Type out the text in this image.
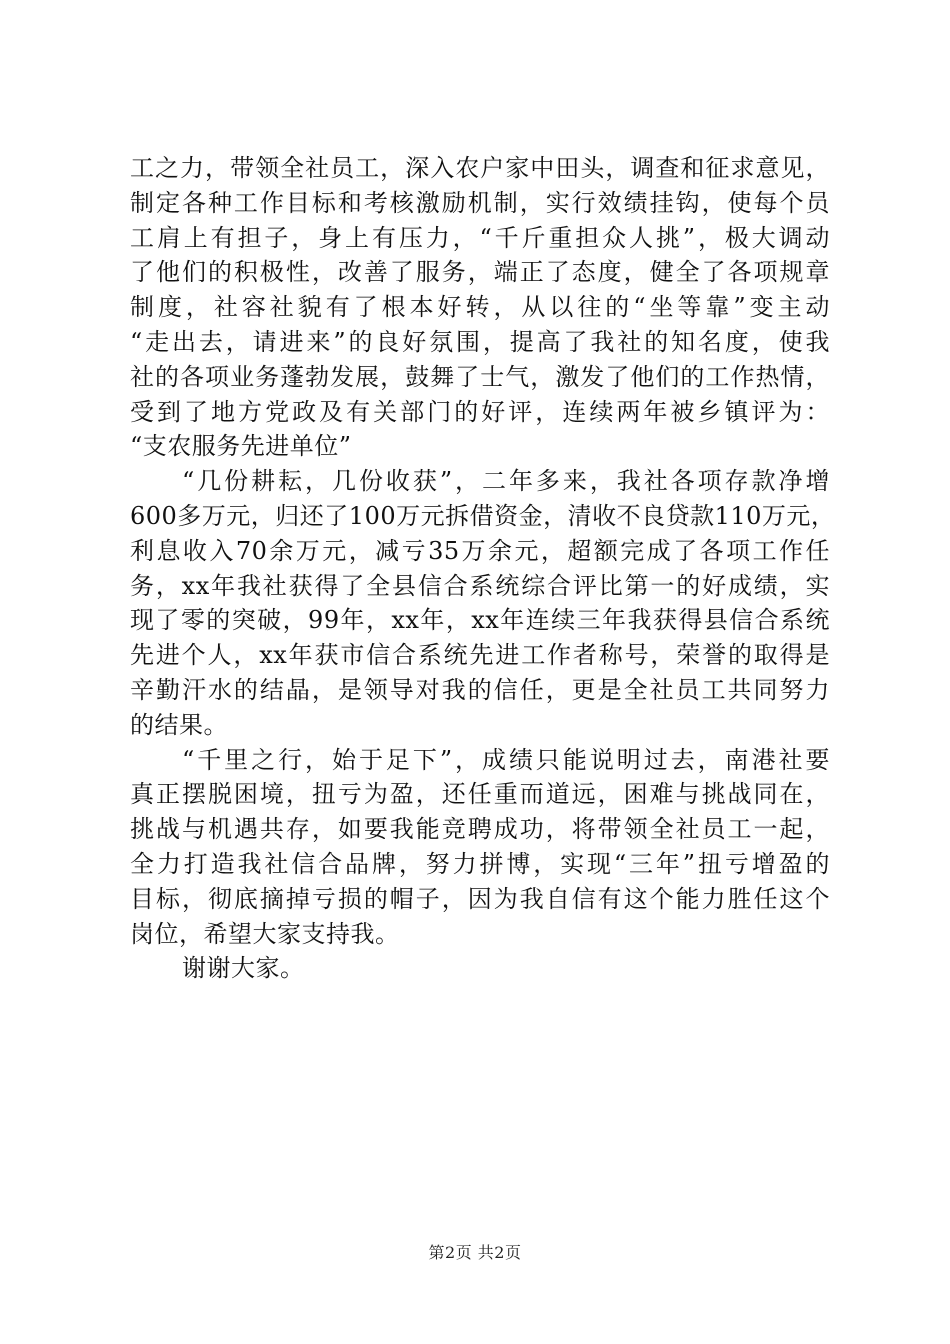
工之力，带领全社员工，深入农户家中田头，调查和征求意见，
制定各种工作目标和考核激励机制，实行效绩挂钩，使每个员
工肩上有担子，身上有压力，“千斤重担众人挑”，极大调动
了他们的积极性，改善了服务，端正了态度，健全了各项规章
制度，社容社貌有了根本好转，从以往的“坐等靠”变主动
“走出去，请进来”的良好氛围，提高了我社的知名度，使我
社的各项业务蓬勃发展，鼓舞了士气，激发了他们的工作热情，
受到了地方党政及有关部门的好评，连续两年被乡镇评为：
“支农服务先进单位”
“几份耕耘，几份收获”，二年多来，我社各项存款净增
600多万元，归还了100万元拆借资金，清收不良贷款110万元，
利息收入70余万元，减亏35万余元，超额完成了各项工作任
务，xx年我社获得了全县信合系统综合评比第一的好成绩，实
现了零的突破，99年，xx年，xx年连续三年我获得县信合系统
先进个人，xx年获市信合系统先进工作者称号，荣誉的取得是
辛勤汗水的结晶，是领导对我的信任，更是全社员工共同努力
的结果。
“千里之行，始于足下”，成绩只能说明过去，南港社要
真正摆脱困境，扭亏为盈，还任重而道远，困难与挑战同在，
挑战与机遇共存，如要我能竞聘成功，将带领全社员工一起，
全力打造我社信合品牌，努力拼博，实现“三年”扭亏增盈的
目标，彻底摘掉亏损的帽子，因为我自信有这个能力胜任这个
岗位，希望大家支持我。
谢谢大家。
第2页 共2页
